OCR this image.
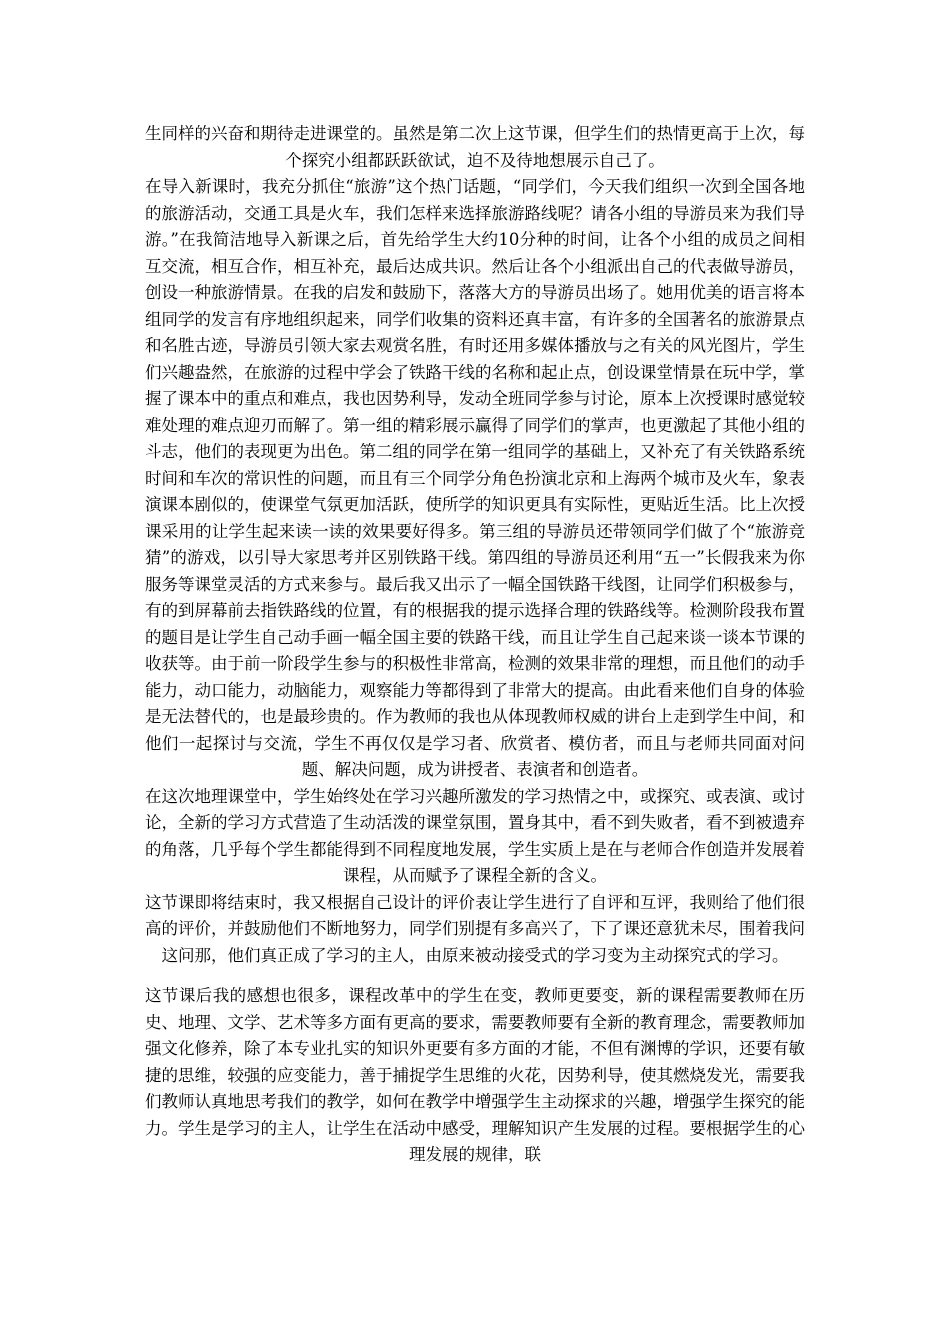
生同样的兴奋和期待走进课堂的。虽然是第二次上这节课，但学生们的热情更高于上次，每个探究小组都跃跃欲试，迫不及待地想展示自己了。

在导入新课时，我充分抓住“旅游”这个热门话题，“同学们，今天我们组织一次到全国各地的旅游活动，交通工具是火车，我们怎样来选择旅游路线呢？请各小组的导游员来为我们导游。”在我简洁地导入新课之后，首先给学生大约10分种的时间，让各个小组的成员之间相互交流，相互合作，相互补充，最后达成共识。然后让各个小组派出自己的代表做导游员，创设一种旅游情景。在我的启发和鼓励下，落落大方的导游员出场了。她用优美的语言将本组同学的发言有序地组织起来，同学们收集的资料还真丰富，有许多的全国著名的旅游景点和名胜古迹，导游员引领大家去观赏名胜，有时还用多媒体播放与之有关的风光图片，学生们兴趣盎然，在旅游的过程中学会了铁路干线的名称和起止点，创设课堂情景在玩中学，掌握了课本中的重点和难点，我也因势利导，发动全班同学参与讨论，原本上次授课时感觉较难处理的难点迎刃而解了。第一组的精彩展示赢得了同学们的掌声，也更激起了其他小组的斗志，他们的表现更为出色。第二组的同学在第一组同学的基础上，又补充了有关铁路系统时间和车次的常识性的问题，而且有三个同学分角色扮演北京和上海两个城市及火车，象表演课本剧似的，使课堂气氛更加活跃，使所学的知识更具有实际性，更贴近生活。比上次授课采用的让学生起来读一读的效果要好得多。第三组的导游员还带领同学们做了个“旅游竞猜”的游戏，以引导大家思考并区别铁路干线。第四组的导游员还利用“五一”长假我来为你服务等课堂灵活的方式来参与。最后我又出示了一幅全国铁路干线图，让同学们积极参与，有的到屏幕前去指铁路线的位置，有的根据我的提示选择合理的铁路线等。检测阶段我布置的题目是让学生自己动手画一幅全国主要的铁路干线，而且让学生自己起来谈一谈本节课的收获等。由于前一阶段学生参与的积极性非常高，检测的效果非常的理想，而且他们的动手能力，动口能力，动脑能力，观察能力等都得到了非常大的提高。由此看来他们自身的体验是无法替代的，也是最珍贵的。作为教师的我也从体现教师权威的讲台上走到学生中间，和他们一起探讨与交流，学生不再仅仅是学习者、欣赏者、模仿者，而且与老师共同面对问题、解决问题，成为讲授者、表演者和创造者。

在这次地理课堂中，学生始终处在学习兴趣所激发的学习热情之中，或探究、或表演、或讨论，全新的学习方式营造了生动活泼的课堂氛围，置身其中，看不到失败者，看不到被遗弃的角落，几乎每个学生都能得到不同程度地发展，学生实质上是在与老师合作创造并发展着课程，从而赋予了课程全新的含义。

这节课即将结束时，我又根据自己设计的评价表让学生进行了自评和互评，我则给了他们很高的评价，并鼓励他们不断地努力，同学们别提有多高兴了，下了课还意犹未尽，围着我问这问那，他们真正成了学习的主人，由原来被动接受式的学习变为主动探究式的学习。

这节课后我的感想也很多，课程改革中的学生在变，教师更要变，新的课程需要教师在历史、地理、文学、艺术等多方面有更高的要求，需要教师要有全新的教育理念，需要教师加强文化修养，除了本专业扎实的知识外更要有多方面的才能，不但有渊博的学识，还要有敏捷的思维，较强的应变能力，善于捕捉学生思维的火花，因势利导，使其燃烧发光，需要我们教师认真地思考我们的教学，如何在教学中增强学生主动探求的兴趣，增强学生探究的能力。学生是学习的主人，让学生在活动中感受，理解知识产生发展的过程。要根据学生的心理发展的规律，联
